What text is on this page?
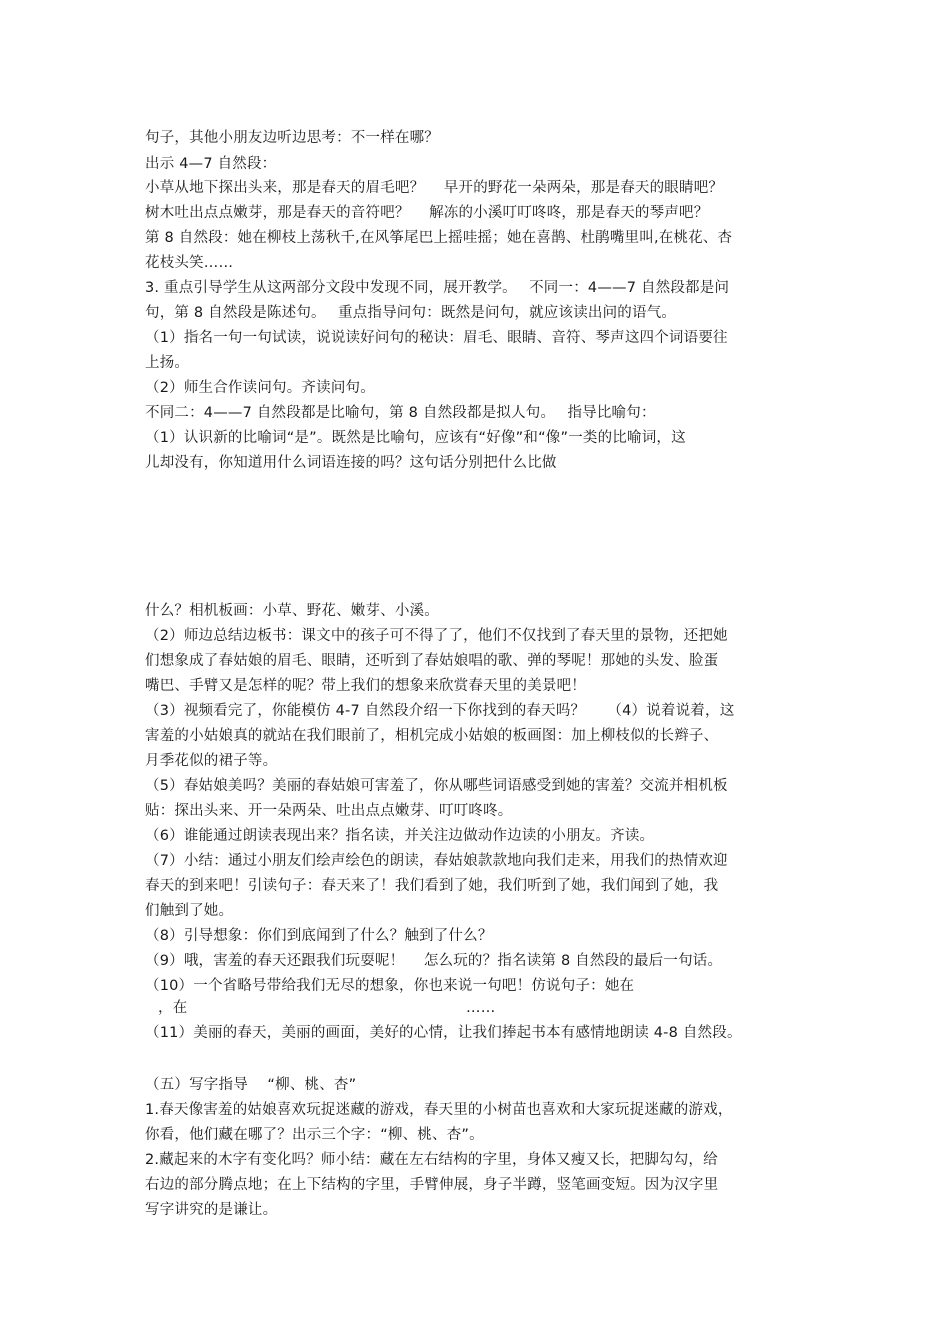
句子，其他小朋友边听边思考：不一样在哪？
出示 4—7 自然段：
小草从地下探出头来，那是春天的眉毛吧？　 早开的野花一朵两朵，那是春天的眼睛吧？
树木吐出点点嫩芽，那是春天的音符吧？　 解冻的小溪叮叮咚咚，那是春天的琴声吧？
第 8 自然段：她在柳枝上荡秋千,在风筝尾巴上摇哇摇；她在喜鹊、杜鹃嘴里叫,在桃花、杏
花枝头笑……
3. 重点引导学生从这两部分文段中发现不同，展开教学。　 不同一：4——7 自然段都是问
句，第 8 自然段是陈述句。　 重点指导问句：既然是问句，就应该读出问的语气。
（1）指名一句一句试读，说说读好问句的秘诀：眉毛、眼睛、音符、琴声这四个词语要往
上扬。
（2）师生合作读问句。齐读问句。
不同二：4——7 自然段都是比喻句，第 8 自然段都是拟人句。　 指导比喻句：
（1）认识新的比喻词“是”。既然是比喻句，应该有“好像”和“像”一类的比喻词，这
儿却没有，你知道用什么词语连接的吗？这句话分别把什么比做
什么？相机板画：小草、野花、嫩芽、小溪。
（2）师边总结边板书：课文中的孩子可不得了了，他们不仅找到了春天里的景物，还把她
们想象成了春姑娘的眉毛、眼睛，还听到了春姑娘唱的歌、弹的琴呢！那她的头发、脸蛋
嘴巴、手臂又是怎样的呢？带上我们的想象来欣赏春天里的美景吧！
（3）视频看完了，你能模仿 4-7 自然段介绍一下你找到的春天吗？　　（4）说着说着，这
害羞的小姑娘真的就站在我们眼前了，相机完成小姑娘的板画图：加上柳枝似的长辫子、
月季花似的裙子等。
（5）春姑娘美吗？美丽的春姑娘可害羞了，你从哪些词语感受到她的害羞？交流并相机板
贴：探出头来、开一朵两朵、吐出点点嫩芽、叮叮咚咚。
（6）谁能通过朗读表现出来？指名读，并关注边做动作边读的小朋友。齐读。
（7）小结：通过小朋友们绘声绘色的朗读，春姑娘款款地向我们走来，用我们的热情欢迎
春天的到来吧！引读句子：春天来了！我们看到了她，我们听到了她，我们闻到了她，我
们触到了她。
（8）引导想象：你们到底闻到了什么？触到了什么？
（9）哦，害羞的春天还跟我们玩耍呢！　 怎么玩的？指名读第 8 自然段的最后一句话。
（10）一个省略号带给我们无尽的想象，你也来说一句吧！仿说句子：她在
，在	……
（11）美丽的春天，美丽的画面，美好的心情，让我们捧起书本有感情地朗读 4-8 自然段。
（五）写字指导　 “柳、桃、杏”
1.春天像害羞的姑娘喜欢玩捉迷藏的游戏，春天里的小树苗也喜欢和大家玩捉迷藏的游戏，
你看，他们藏在哪了？出示三个字：“柳、桃、杏”。
2.藏起来的木字有变化吗？师小结：藏在左右结构的字里，身体又瘦又长，把脚勾勾，给
右边的部分腾点地；在上下结构的字里，手臂伸展，身子半蹲，竖笔画变短。因为汉字里
写字讲究的是谦让。
